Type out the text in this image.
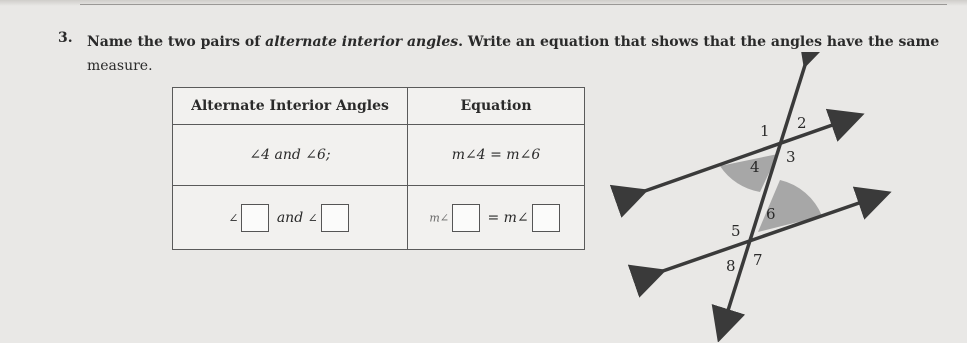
3. Name the two pairs of alternate interior angles. Write an equation that shows that the angles have the same
measure.
Alternate Interior Angles	Equation
∠4 and ∠6;	m∠4 = m∠6
∠ and ∠	m∠ = m∠
1 2
4
3
5
6
8 7
